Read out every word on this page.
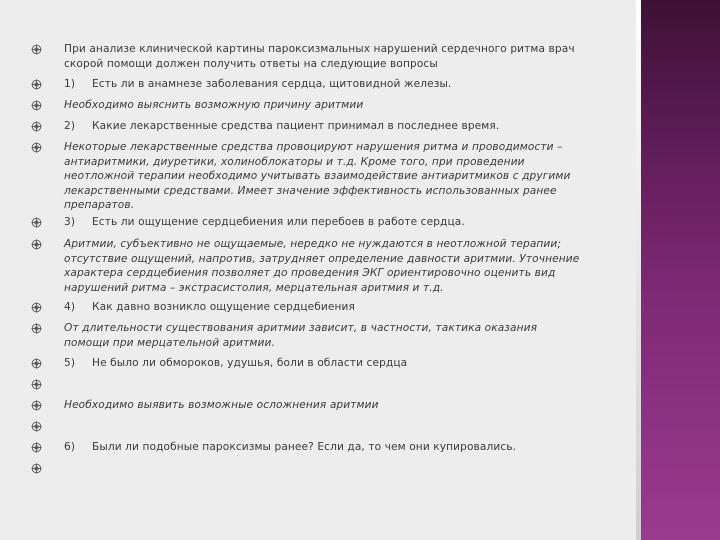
При анализе клинической картины пароксизмальных нарушений сердечного ритма врач скорой помощи должен получить ответы на следующие вопросы
1) Есть ли в анамнезе заболевания сердца, щитовидной железы.
Необходимо выяснить возможную причину аритмии
2) Какие лекарственные средства пациент принимал в последнее время.
Некоторые лекарственные средства провоцируют нарушения ритма и проводимости – антиаритмики, диуретики, холиноблокаторы и т.д. Кроме того, при проведении неотложной терапии необходимо учитывать взаимодействие антиаритмиков с другими лекарственными средствами. Имеет значение эффективность использованных ранее препаратов.
3) Есть ли ощущение сердцебиения или перебоев в работе сердца.
Аритмии, субъективно не ощущаемые, нередко не нуждаются в неотложной терапии; отсутствие ощущений, напротив, затрудняет определение давности аритмии. Уточнение характера сердцебиения позволяет до проведения ЭКГ ориентировочно оценить вид нарушений ритма – экстрасистолия, мерцательная аритмия и т.д.
4) Как давно возникло ощущение сердцебиения
От длительности существования аритмии зависит, в частности, тактика оказания помощи при мерцательной аритмии.
5) Не было ли обмороков, удушья, боли в области сердца
Необходимо выявить возможные осложнения аритмии
6) Были ли подобные пароксизмы ранее? Если да, то чем они купировались.
